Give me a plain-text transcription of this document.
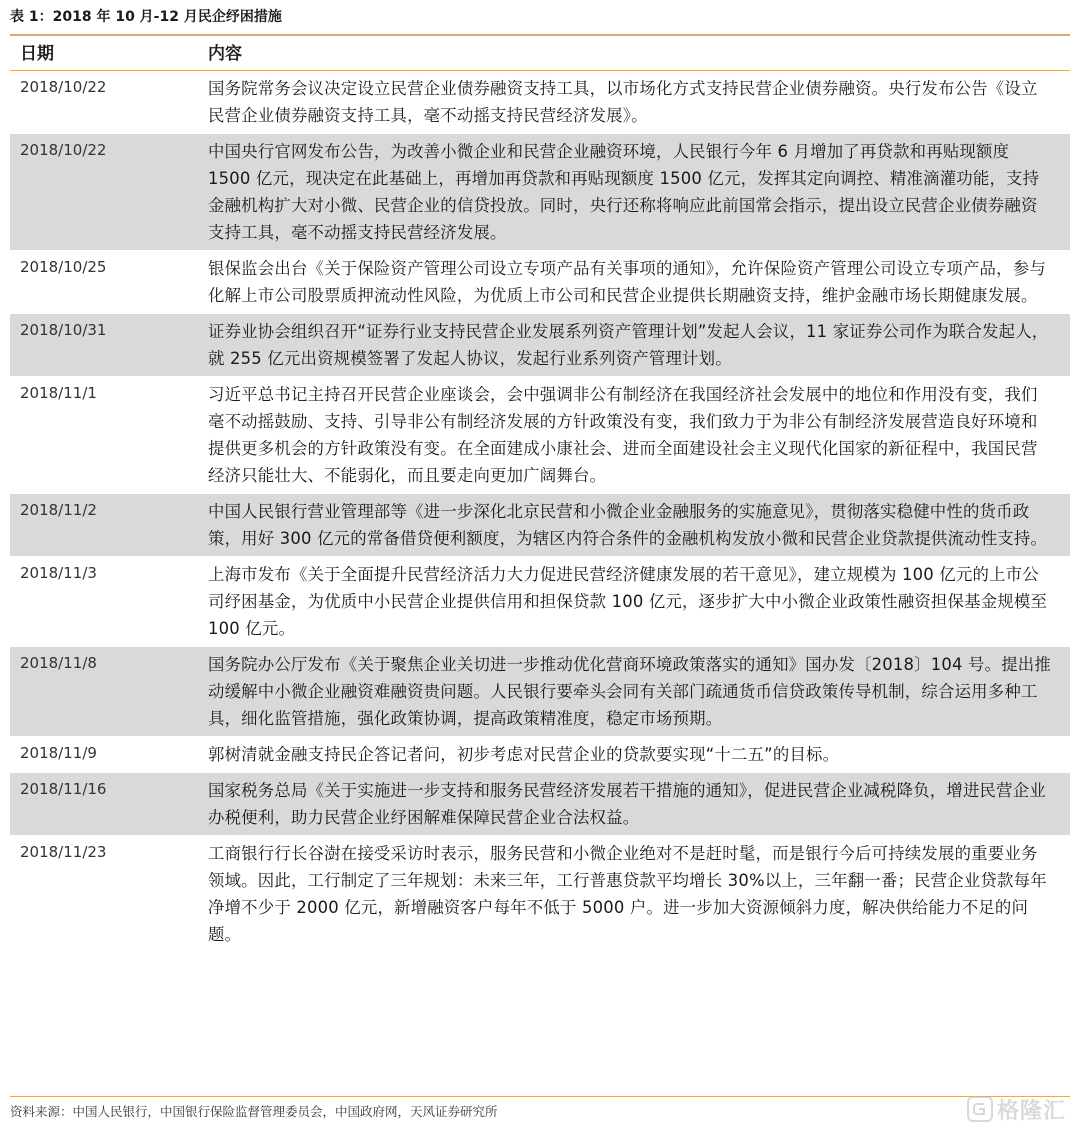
表 1：2018 年 10 月-12 月民企纾困措施
日期	内容
2018/10/22	国务院常务会议决定设立民营企业债券融资支持工具，以市场化方式支持民营企业债券融资。央行发布公告《设立民营企业债券融资支持工具，毫不动摇支持民营经济发展》。
2018/10/22	中国央行官网发布公告，为改善小微企业和民营企业融资环境，人民银行今年 6 月增加了再贷款和再贴现额度 1500 亿元，现决定在此基础上，再增加再贷款和再贴现额度 1500 亿元，发挥其定向调控、精准滴灌功能，支持金融机构扩大对小微、民营企业的信贷投放。同时，央行还称将响应此前国常会指示，提出设立民营企业债券融资支持工具，毫不动摇支持民营经济发展。
2018/10/25	银保监会出台《关于保险资产管理公司设立专项产品有关事项的通知》，允许保险资产管理公司设立专项产品，参与化解上市公司股票质押流动性风险，为优质上市公司和民营企业提供长期融资支持，维护金融市场长期健康发展。
2018/10/31	证券业协会组织召开“证券行业支持民营企业发展系列资产管理计划”发起人会议，11 家证券公司作为联合发起人，就 255 亿元出资规模签署了发起人协议，发起行业系列资产管理计划。
2018/11/1	习近平总书记主持召开民营企业座谈会，会中强调非公有制经济在我国经济社会发展中的地位和作用没有变，我们毫不动摇鼓励、支持、引导非公有制经济发展的方针政策没有变，我们致力于为非公有制经济发展营造良好环境和提供更多机会的方针政策没有变。在全面建成小康社会、进而全面建设社会主义现代化国家的新征程中，我国民营经济只能壮大、不能弱化，而且要走向更加广阔舞台。
2018/11/2	中国人民银行营业管理部等《进一步深化北京民营和小微企业金融服务的实施意见》，贯彻落实稳健中性的货币政策，用好 300 亿元的常备借贷便利额度，为辖区内符合条件的金融机构发放小微和民营企业贷款提供流动性支持。
2018/11/3	上海市发布《关于全面提升民营经济活力大力促进民营经济健康发展的若干意见》，建立规模为 100 亿元的上市公司纾困基金，为优质中小民营企业提供信用和担保贷款 100 亿元，逐步扩大中小微企业政策性融资担保基金规模至 100 亿元。
2018/11/8	国务院办公厅发布《关于聚焦企业关切进一步推动优化营商环境政策落实的通知》国办发〔2018〕104 号。提出推动缓解中小微企业融资难融资贵问题。人民银行要牵头会同有关部门疏通货币信贷政策传导机制，综合运用多种工具，细化监管措施，强化政策协调，提高政策精准度，稳定市场预期。
2018/11/9	郭树清就金融支持民企答记者问，初步考虑对民营企业的贷款要实现“十二五”的目标。
2018/11/16	国家税务总局《关于实施进一步支持和服务民营经济发展若干措施的通知》，促进民营企业减税降负，增进民营企业办税便利，助力民营企业纾困解难保障民营企业合法权益。
2018/11/23	工商银行行长谷澍在接受采访时表示，服务民营和小微企业绝对不是赶时髦，而是银行今后可持续发展的重要业务领域。因此，工行制定了三年规划：未来三年，工行普惠贷款平均增长 30%以上，三年翻一番；民营企业贷款每年净增不少于 2000 亿元，新增融资客户每年不低于 5000 户。进一步加大资源倾斜力度，解决供给能力不足的问题。
资料来源：中国人民银行，中国银行保险监督管理委员会，中国政府网，天风证券研究所	格隆汇
